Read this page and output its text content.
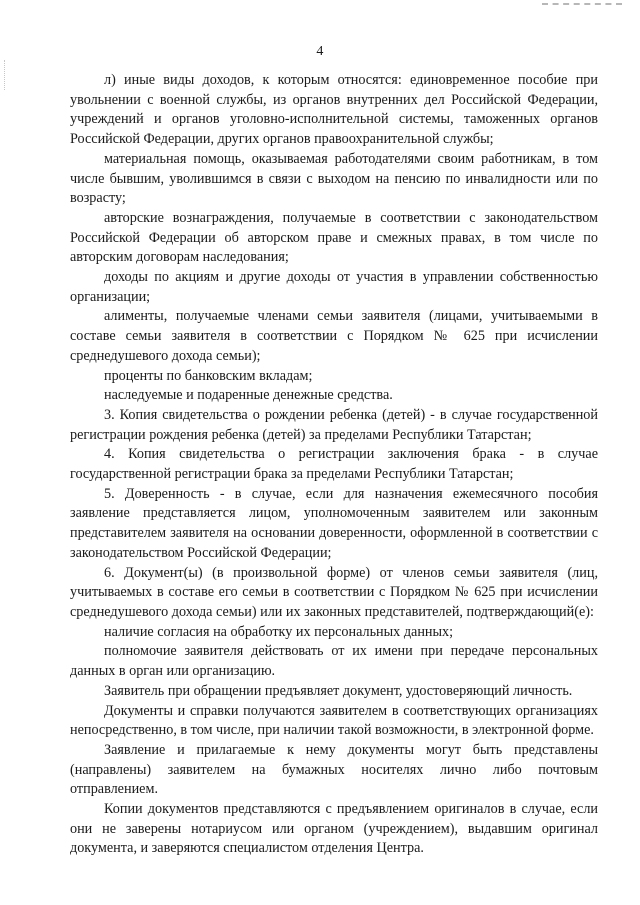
4

л) иные виды доходов, к которым относятся: единовременное пособие при увольнении с военной службы, из органов внутренних дел Российской Федерации, учреждений и органов уголовно-исполнительной системы, таможенных органов Российской Федерации, других органов правоохранительной службы;

материальная помощь, оказываемая работодателями своим работникам, в том числе бывшим, уволившимся в связи с выходом на пенсию по инвалидности или по возрасту;

авторские вознаграждения, получаемые в соответствии с законодательством Российской Федерации об авторском праве и смежных правах, в том числе по авторским договорам наследования;

доходы по акциям и другие доходы от участия в управлении собственностью организации;

алименты, получаемые членами семьи заявителя (лицами, учитываемыми в составе семьи заявителя в соответствии с Порядком № 625 при исчислении среднедушевого дохода семьи);

проценты по банковским вкладам;

наследуемые и подаренные денежные средства.

3. Копия свидетельства о рождении ребенка (детей) - в случае государственной регистрации рождения ребенка (детей) за пределами Республики Татарстан;

4. Копия свидетельства о регистрации заключения брака - в случае государственной регистрации брака за пределами Республики Татарстан;

5. Доверенность - в случае, если для назначения ежемесячного пособия заявление представляется лицом, уполномоченным заявителем или законным представителем заявителя на основании доверенности, оформленной в соответствии с законодательством Российской Федерации;

6. Документ(ы) (в произвольной форме) от членов семьи заявителя (лиц, учитываемых в составе его семьи в соответствии с Порядком № 625 при исчислении среднедушевого дохода семьи) или их законных представителей, подтверждающий(е):

наличие согласия на обработку их персональных данных;

полномочие заявителя действовать от их имени при передаче персональных данных в орган или организацию.

Заявитель при обращении предъявляет документ, удостоверяющий личность.

Документы и справки получаются заявителем в соответствующих организациях непосредственно, в том числе, при наличии такой возможности, в электронной форме.

Заявление и прилагаемые к нему документы могут быть представлены (направлены) заявителем на бумажных носителях лично либо почтовым отправлением.

Копии документов представляются с предъявлением оригиналов в случае, если они не заверены нотариусом или органом (учреждением), выдавшим оригинал документа, и заверяются специалистом отделения Центра.
